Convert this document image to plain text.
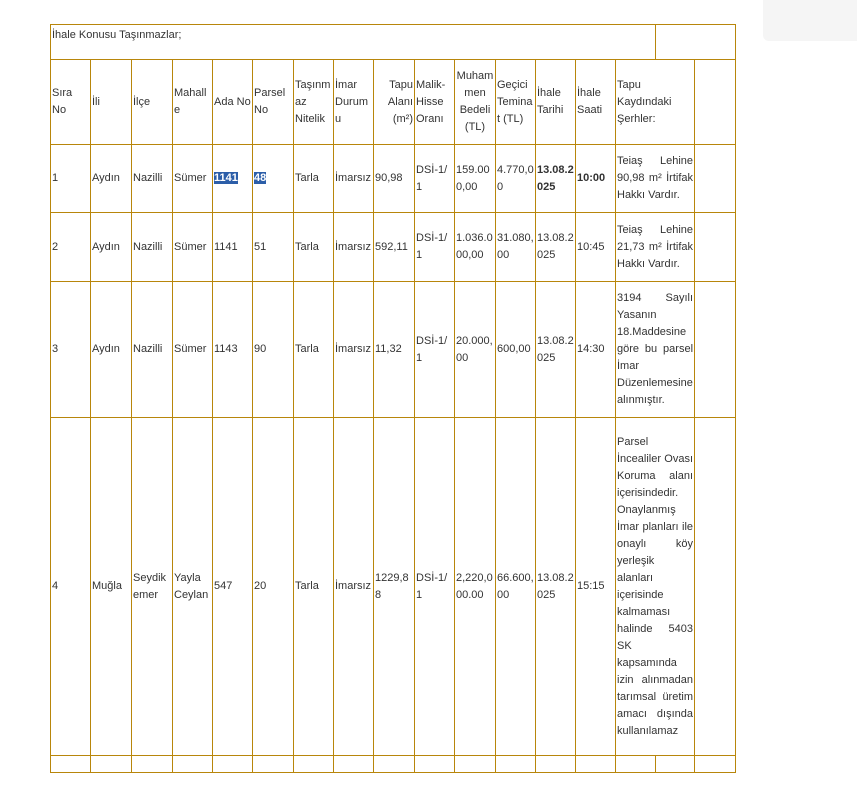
İhale Konusu Taşınmazlar;																
Sıra No	İli	İlçe	Mahalle	Ada No	Parsel No	Taşınmaz Nitelik	İmar Durumu	Tapu Alanı (m²)	Malik-Hisse Oranı	Muhammen Bedeli (TL)	Geçici Teminat (TL)	İhale Tarihi	İhale Saati	Tapu Kaydındaki Şerhler:		
1	Aydın	Nazilli	Sümer	1141	48	Tarla	İmarsız	90,98	DSİ-1/1	159.000,00	4.770,00	13.08.2025	10:00	Teiaş Lehine 90,98 m² İrtifak Hakkı Vardır.		
2	Aydın	Nazilli	Sümer	1141	51	Tarla	İmarsız	592,11	DSİ-1/1	1.036.000,00	31.080,00	13.08.2025	10:45	Teiaş Lehine 21,73 m² İrtifak Hakkı Vardır.		
3	Aydın	Nazilli	Sümer	1143	90	Tarla	İmarsız	11,32	DSİ-1/1	20.000,00	600,00	13.08.2025	14:30	3194 Sayılı Yasanın 18.Maddesine göre bu parsel İmar Düzenlemesine alınmıştır.		
4	Muğla	Seydikemer	Yayla Ceylan	547	20	Tarla	İmarsız	1229,88	DSİ-1/1	2,220,000.00	66.600,00	13.08.2025	15:15	Parsel İncealiler Ovası Koruma alanı içerisindedir. Onaylanmış İmar planları ile onaylı köy yerleşik alanları içerisinde kalmaması halinde 5403 SK kapsamında izin alınmadan tarımsal üretim amacı dışında kullanılamaz		
